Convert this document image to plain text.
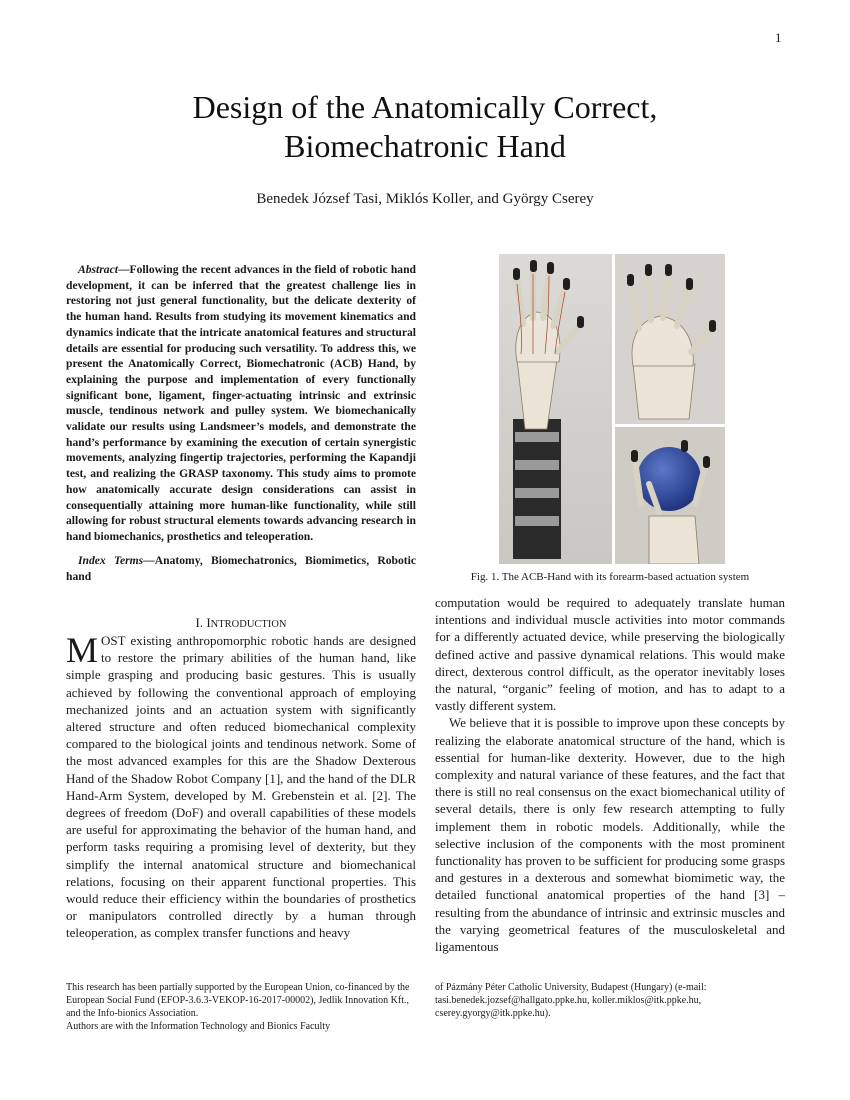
1
Design of the Anatomically Correct,
Biomechatronic Hand
Benedek József Tasi, Miklós Koller, and György Cserey

Abstract—Following the recent advances in the field of robotic hand development, it can be inferred that the greatest challenge lies in restoring not just general functionality, but the delicate dexterity of the human hand. Results from studying its movement kinematics and dynamics indicate that the intricate anatomical features and structural details are essential for producing such versatility. To address this, we present the Anatomically Correct, Biomechatronic (ACB) Hand, by explaining the purpose and implementation of every functionally significant bone, ligament, finger-actuating intrinsic and extrinsic muscle, tendinous network and pulley system. We biomechanically validate our results using Landsmeer’s models, and demonstrate the hand’s performance by examining the execution of certain synergistic movements, analyzing fingertip trajectories, performing the Kapandji test, and realizing the GRASP taxonomy. This study aims to promote how anatomically accurate design considerations can assist in consequentially attaining more human-like functionality, while still allowing for robust structural elements towards advancing research in hand biomechanics, prosthetics and teleoperation.

Index Terms—Anatomy, Biomechatronics, Biomimetics, Robotic hand	Fig. 1. The ACB-Hand with its forearm-based actuation system
I. INTRODUCTION

MOST existing anthropomorphic robotic hands are designed to restore the primary abilities of the human hand, like simple grasping and producing basic gestures. This is usually achieved by following the conventional approach of employing mechanized joints and an actuation system with significantly altered structure and often reduced biomechanical complexity compared to the biological joints and tendinous network. Some of the most advanced examples for this are the Shadow Dexterous Hand of the Shadow Robot Company [1], and the hand of the DLR Hand-Arm System, developed by M. Grebenstein et al. [2]. The degrees of freedom (DoF) and overall capabilities of these models are useful for approximating the behavior of the human hand, and perform tasks requiring a promising level of dexterity, but they simplify the internal anatomical structure and biomechanical relations, focusing on their apparent functional properties. This would reduce their efficiency within the boundaries of prosthetics or manipulators controlled directly by a human through teleoperation, as complex transfer functions and heavy

computation would be required to adequately translate human intentions and individual muscle activities into motor commands for a differently actuated device, while preserving the biologically defined active and passive dynamical relations. This would make direct, dexterous control difficult, as the operator inevitably loses the natural, “organic” feeling of motion, and has to adapt to a vastly different system.

We believe that it is possible to improve upon these concepts by realizing the elaborate anatomical structure of the hand, which is essential for human-like dexterity. However, due to the high complexity and natural variance of these features, and the fact that there is still no real consensus on the exact biomechanical utility of several details, there is only few research attempting to fully implement them in robotic models. Additionally, while the selective inclusion of the components with the most prominent functionality has proven to be sufficient for producing some grasps and gestures in a dexterous and somewhat biomimetic way, the detailed functional anatomical properties of the hand [3] – resulting from the abundance of intrinsic and extrinsic muscles and the varying geometrical features of the musculoskeletal and ligamentous

This research has been partially supported by the European Union, co-financed by the European Social Fund (EFOP-3.6.3-VEKOP-16-2017-00002), Jedlik Innovation Kft., and the Info-bionics Association.

Authors are with the Information Technology and Bionics Faculty

of Pázmány Péter Catholic University, Budapest (Hungary) (e-mail: tasi.benedek.jozsef@hallgato.ppke.hu, koller.miklos@itk.ppke.hu, cserey.gyorgy@itk.ppke.hu).
